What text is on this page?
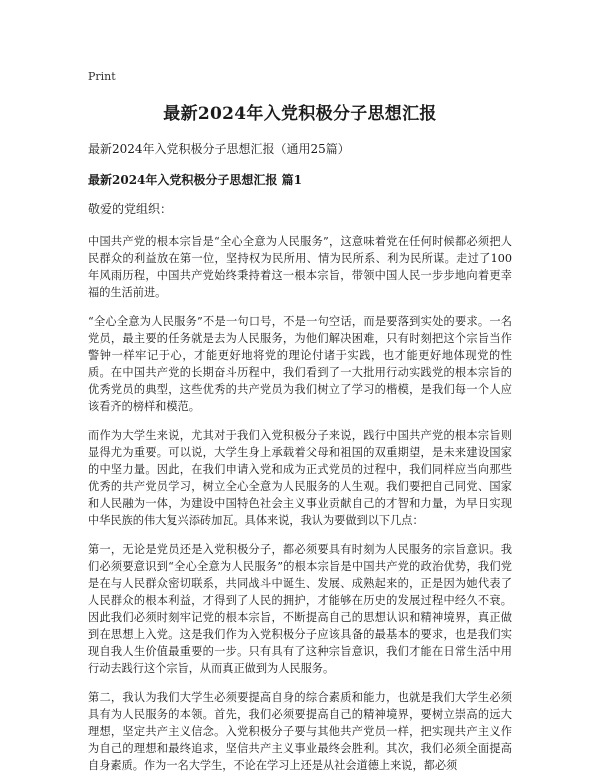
Print
最新2024年入党积极分子思想汇报
最新2024年入党积极分子思想汇报（通用25篇）
最新2024年入党积极分子思想汇报 篇1
敬爱的党组织：

中国共产党的根本宗旨是“全心全意为人民服务”，这意味着党在任何时候都必须把人民群众的利益放在第一位，坚持权为民所用、情为民所系、利为民所谋。走过了100年风雨历程，中国共产党始终秉持着这一根本宗旨，带领中国人民一步步地向着更幸福的生活前进。

“全心全意为人民服务”不是一句口号，不是一句空话，而是要落到实处的要求。一名党员，最主要的任务就是去为人民服务，为他们解决困难，只有时刻把这个宗旨当作警钟一样牢记于心，才能更好地将党的理论付诸于实践，也才能更好地体现党的性质。在中国共产党的长期奋斗历程中，我们看到了一大批用行动实践党的根本宗旨的优秀党员的典型，这些优秀的共产党员为我们树立了学习的楷模，是我们每一个人应该看齐的榜样和模范。

而作为大学生来说，尤其对于我们入党积极分子来说，践行中国共产党的根本宗旨则显得尤为重要。可以说，大学生身上承载着父母和祖国的双重期望，是未来建设国家的中坚力量。因此，在我们申请入党和成为正式党员的过程中，我们同样应当向那些优秀的共产党员学习，树立全心全意为人民服务的人生观。我们要把自己同党、国家和人民融为一体，为建设中国特色社会主义事业贡献自己的才智和力量，为早日实现中华民族的伟大复兴添砖加瓦。具体来说，我认为要做到以下几点：

第一，无论是党员还是入党积极分子，都必须要具有时刻为人民服务的宗旨意识。我们必须要意识到“全心全意为人民服务”的根本宗旨是中国共产党的政治优势，我们党是在与人民群众密切联系，共同战斗中诞生、发展、成熟起来的，正是因为她代表了人民群众的根本利益，才得到了人民的拥护，才能够在历史的发展过程中经久不衰。因此我们必须时刻牢记党的根本宗旨，不断提高自己的思想认识和精神境界，真正做到在思想上入党。这是我们作为入党积极分子应该具备的最基本的要求，也是我们实现自我人生价值最重要的一步。只有具有了这种宗旨意识，我们才能在日常生活中用行动去践行这个宗旨，从而真正做到为人民服务。

第二，我认为我们大学生必须要提高自身的综合素质和能力，也就是我们大学生必须具有为人民服务的本领。首先，我们必须要提高自己的精神境界，要树立崇高的远大理想，坚定共产主义信念。入党积极分子要与其他共产党员一样，把实现共产主义作为自己的理想和最终追求，坚信共产主义事业最终会胜利。其次，我们必须全面提高自身素质。作为一名大学生，不论在学习上还是从社会道德上来说，都必须
